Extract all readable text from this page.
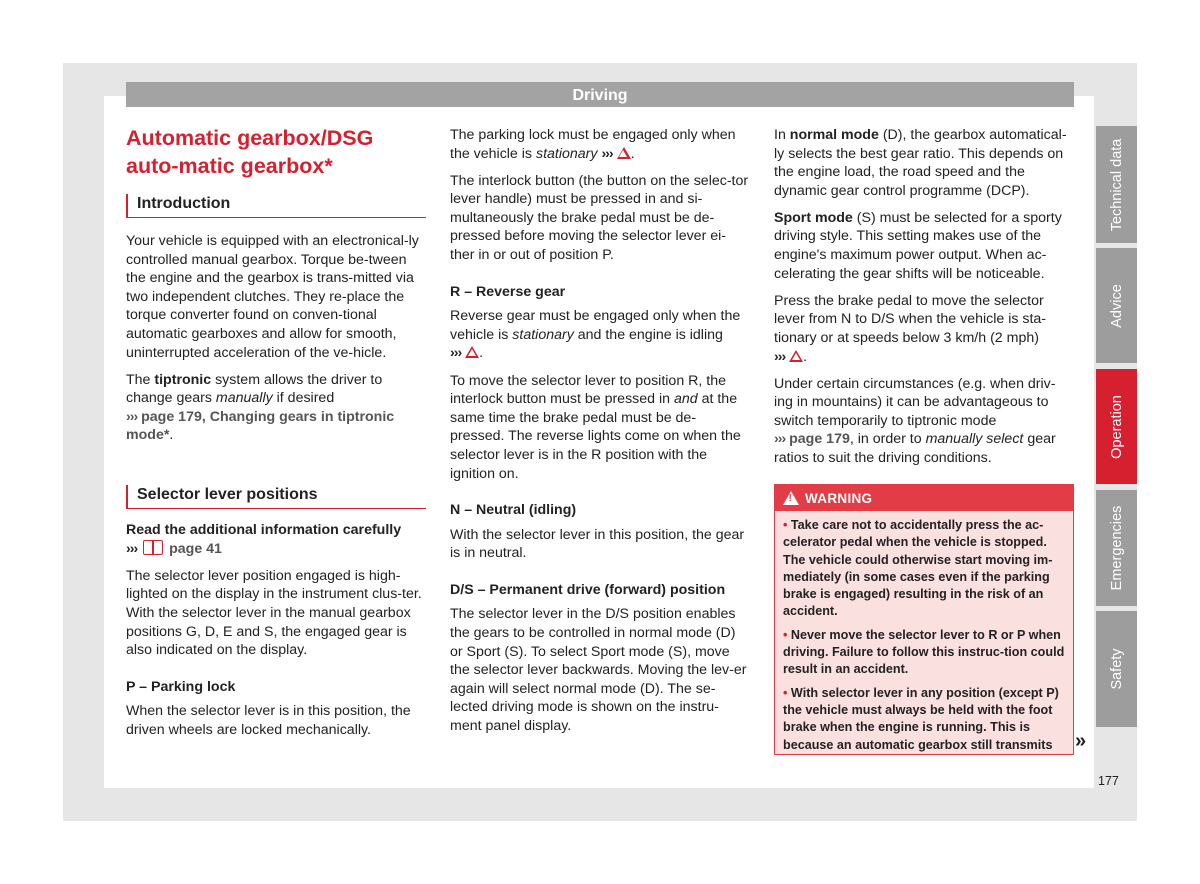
Driving
Automatic gearbox/DSG auto-matic gearbox*
Introduction

Your vehicle is equipped with an electronical-ly controlled manual gearbox. Torque be-tween the engine and the gearbox is trans-mitted via two independent clutches. They re-place the torque converter found on conven-tional automatic gearboxes and allow for smooth, uninterrupted acceleration of the ve-hicle.

The tiptronic system allows the driver to change gears manually if desired
››› page 179, Changing gears in tiptronic mode*.

Selector lever positions
Read the additional information carefully

››› page 41

The selector lever position engaged is high-lighted on the display in the instrument clus-ter. With the selector lever in the manual gearbox positions G, D, E and S, the engaged gear is also indicated on the display.

P – Parking lock

When the selector lever is in this position, the driven wheels are locked mechanically.

The parking lock must be engaged only when the vehicle is stationary ››› .

The interlock button (the button on the selec-tor lever handle) must be pressed in and si-multaneously the brake pedal must be de-pressed before moving the selector lever ei-ther in or out of position P.

R – Reverse gear

Reverse gear must be engaged only when the vehicle is stationary and the engine is idling
››› .

To move the selector lever to position R, the interlock button must be pressed in and at the same time the brake pedal must be de-pressed. The reverse lights come on when the selector lever is in the R position with the ignition on.

N – Neutral (idling)

With the selector lever in this position, the gear is in neutral.

D/S – Permanent drive (forward) position

The selector lever in the D/S position enables the gears to be controlled in normal mode (D) or Sport (S). To select Sport mode (S), move the selector lever backwards. Moving the lev-er again will select normal mode (D). The se-lected driving mode is shown on the instru-ment panel display.

In normal mode (D), the gearbox automatical-ly selects the best gear ratio. This depends on the engine load, the road speed and the dynamic gear control programme (DCP).

Sport mode (S) must be selected for a sporty driving style. This setting makes use of the engine's maximum power output. When ac-celerating the gear shifts will be noticeable.

Press the brake pedal to move the selector lever from N to D/S when the vehicle is sta-tionary or at speeds below 3 km/h (2 mph)
››› .

Under certain circumstances (e.g. when driv-ing in mountains) it can be advantageous to switch temporarily to tiptronic mode
››› page 179, in order to manually select gear ratios to suit the driving conditions.

!WARNING
• Take care not to accidentally press the ac-celerator pedal when the vehicle is stopped. The vehicle could otherwise start moving im-mediately (in some cases even if the parking brake is engaged) resulting in the risk of an accident.
• Never move the selector lever to R or P when driving. Failure to follow this instruc-tion could result in an accident.
• With selector lever in any position (except P) the vehicle must always be held with the foot brake when the engine is running. This is because an automatic gearbox still transmits	»
Technical data
Advice
Operation
Emergencies
Safety
177
